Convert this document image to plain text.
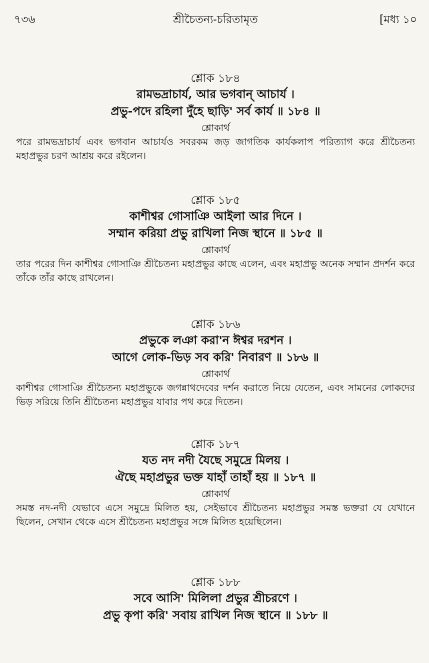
৭৩৬	শ্রীচৈতন্য-চরিতামৃত	[মধ্য ১০
শ্লোক ১৮৪
রামভদ্রাচার্য, আর ভগবান্ আচার্য ।
প্রভু-পদে রহিলা দুঁহে ছাড়ি' সর্ব কার্য ॥ ১৮৪ ॥
শ্লোকার্থ
পরে রামভদ্রাচার্য এবং ভগবান আচার্যও সবরকম জড় জাগতিক কার্যকলাপ পরিত্যাগ করে শ্রীচৈতন্য মহাপ্রভুর চরণ আশ্রয় করে রইলেন।
শ্লোক ১৮৫
কাশীশ্বর গোসাঞি আইলা আর দিনে ।
সম্মান করিয়া প্রভু রাখিলা নিজ স্থানে ॥ ১৮৫ ॥
শ্লোকার্থ
তার পরের দিন কাশীশ্বর গোসাঞি শ্রীচৈতন্য মহাপ্রভুর কাছে এলেন, এবং মহাপ্রভু অনেক সম্মান প্রদর্শন করে তাঁকে তাঁর কাছে রাখলেন।
শ্লোক ১৮৬
প্রভুকে লঞা করা'ন ঈশ্বর দরশন ।
আগে লোক-ভিড় সব করি' নিবারণ ॥ ১৮৬ ॥
শ্লোকার্থ
কাশীশ্বর গোসাঞি শ্রীচৈতন্য মহাপ্রভুকে জগন্নাথদেবের দর্শন করাতে নিয়ে যেতেন, এবং সামনের লোকদের ভিড় সরিয়ে তিনি শ্রীচৈতন্য মহাপ্রভুর যাবার পথ করে দিতেন।
শ্লোক ১৮৭
যত নদ নদী যৈছে সমুদ্রে মিলয় ।
ঐছে মহাপ্রভুর ভক্ত যাহাঁ তাহাঁ হয় ॥ ১৮৭ ॥
শ্লোকার্থ
সমস্ত নদ-নদী যেভাবে এসে সমুদ্রে মিলিত হয়, সেইভাবে শ্রীচৈতন্য মহাপ্রভুর সমস্ত ভক্তরা যে যেখানে ছিলেন, সেখান থেকে এসে শ্রীচৈতন্য মহাপ্রভুর সঙ্গে মিলিত হয়েছিলেন।
শ্লোক ১৮৮
সবে আসি' মিলিলা প্রভুর শ্রীচরণে ।
প্রভু কৃপা করি' সবায় রাখিল নিজ স্থানে ॥ ১৮৮ ॥
